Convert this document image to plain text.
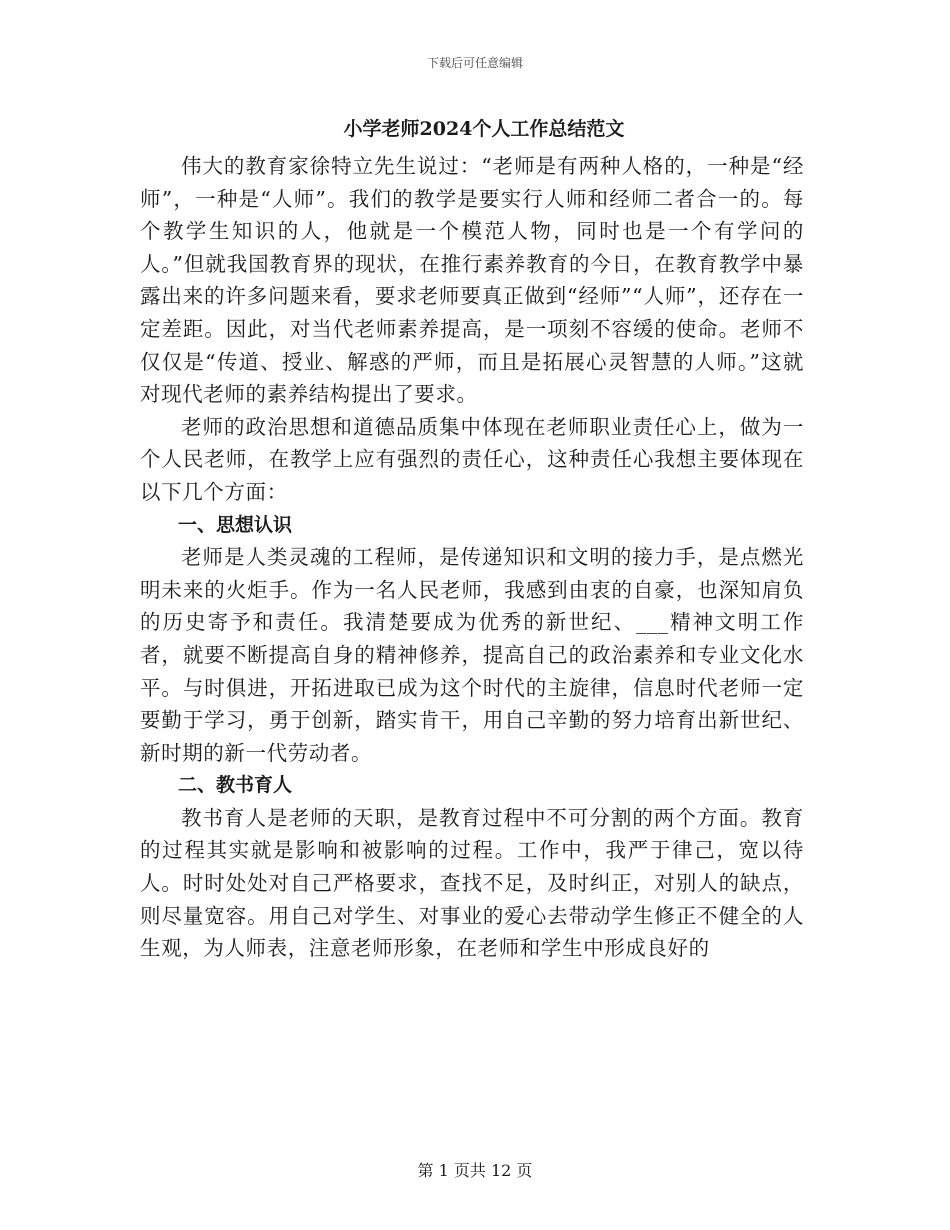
下载后可任意编辑
小学老师2024个人工作总结范文

伟大的教育家徐特立先生说过：“老师是有两种人格的，一种是“经师”，一种是“人师”。我们的教学是要实行人师和经师二者合一的。每个教学生知识的人，他就是一个模范人物，同时也是一个有学问的人。”但就我国教育界的现状，在推行素养教育的今日，在教育教学中暴露出来的许多问题来看，要求老师要真正做到“经师”“人师”，还存在一定差距。因此，对当代老师素养提高，是一项刻不容缓的使命。老师不仅仅是“传道、授业、解惑的严师，而且是拓展心灵智慧的人师。”这就对现代老师的素养结构提出了要求。

老师的政治思想和道德品质集中体现在老师职业责任心上，做为一个人民老师，在教学上应有强烈的责任心，这种责任心我想主要体现在以下几个方面：

一、思想认识

老师是人类灵魂的工程师，是传递知识和文明的接力手，是点燃光明未来的火炬手。作为一名人民老师，我感到由衷的自豪，也深知肩负的历史寄予和责任。我清楚要成为优秀的新世纪、___精神文明工作者，就要不断提高自身的精神修养，提高自己的政治素养和专业文化水平。与时俱进，开拓进取已成为这个时代的主旋律，信息时代老师一定要勤于学习，勇于创新，踏实肯干，用自己辛勤的努力培育出新世纪、新时期的新一代劳动者。

二、教书育人

教书育人是老师的天职，是教育过程中不可分割的两个方面。教育的过程其实就是影响和被影响的过程。工作中，我严于律己，宽以待人。时时处处对自己严格要求，查找不足，及时纠正，对别人的缺点，则尽量宽容。用自己对学生、对事业的爱心去带动学生修正不健全的人生观，为人师表，注意老师形象，在老师和学生中形成良好的

第 1 页共 12 页
